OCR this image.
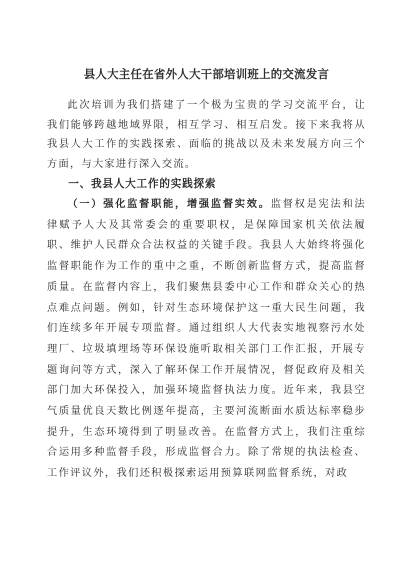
县人大主任在省外人大干部培训班上的交流发言

此次培训为我们搭建了一个极为宝贵的学习交流平台，让我们能够跨越地域界限，相互学习、相互启发。接下来我将从我县人大工作的实践探索、面临的挑战以及未来发展方向三个方面，与大家进行深入交流。

一、我县人大工作的实践探索

（一）强化监督职能，增强监督实效。监督权是宪法和法律赋予人大及其常委会的重要职权，是保障国家机关依法履职、维护人民群众合法权益的关键手段。我县人大始终将强化监督职能作为工作的重中之重，不断创新监督方式，提高监督质量。在监督内容上，我们聚焦县委中心工作和群众关心的热点难点问题。例如，针对生态环境保护这一重大民生问题，我们连续多年开展专项监督。通过组织人大代表实地视察污水处理厂、垃圾填埋场等环保设施听取相关部门工作汇报，开展专题询问等方式，深入了解环保工作开展情况，督促政府及相关部门加大环保投入，加强环境监督执法力度。近年来，我县空气质量优良天数比例逐年提高，主要河流断面水质达标率稳步提升，生态环境得到了明显改善。在监督方式上，我们注重综合运用多种监督手段，形成监督合力。除了常规的执法检查、工作评议外，我们还积极探索运用预算联网监督系统，对政
